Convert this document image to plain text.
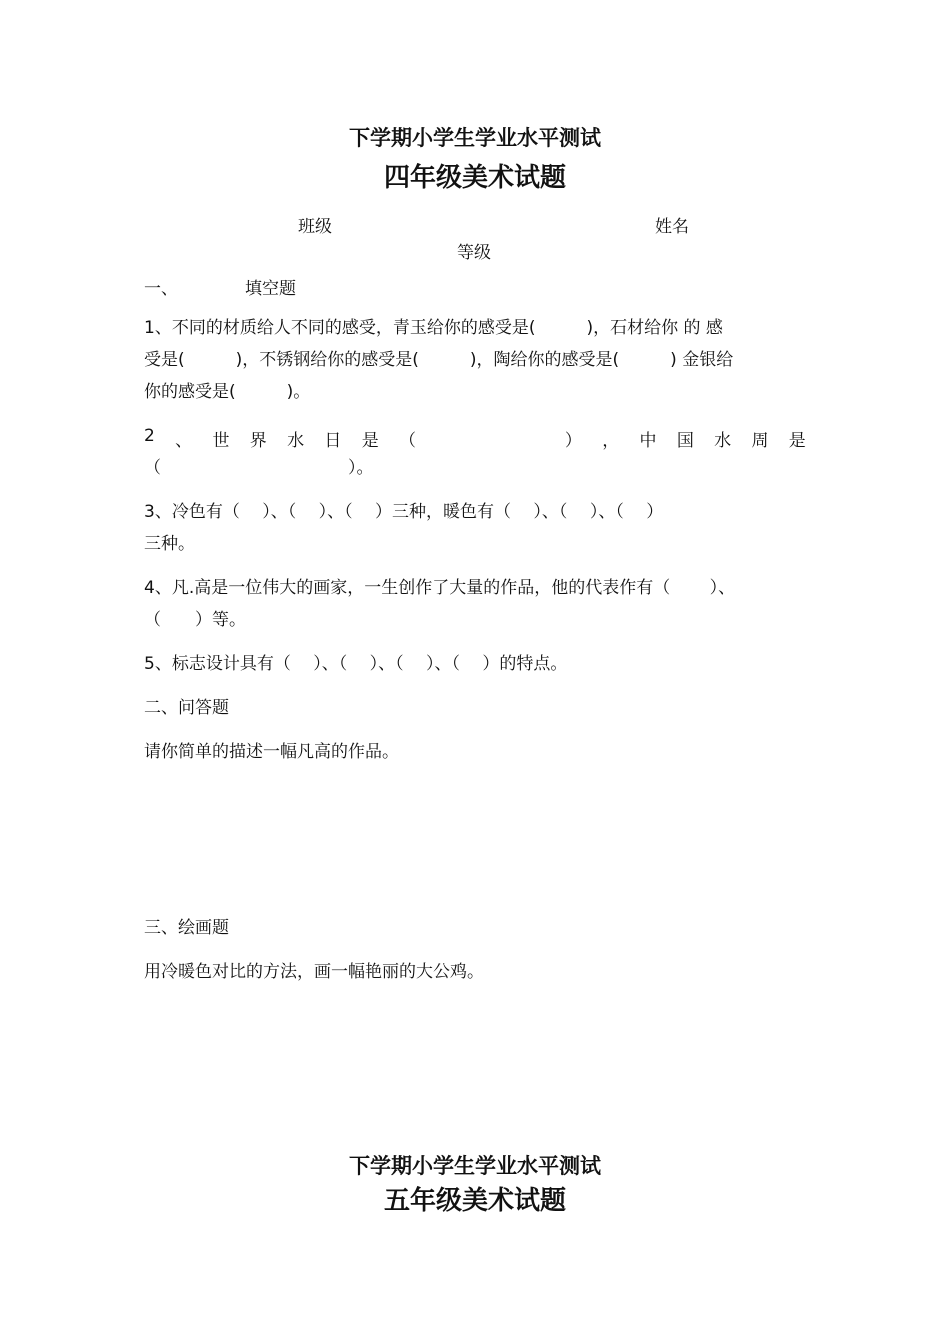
下学期小学生学业水平测试
四年级美术试题
班级	姓名
等级
一、	填空题
1、不同的材质给人不同的感受，青玉给你的感受是(　　　)，石材给你 的 感
受是(　　　)，不锈钢给你的感受是(　　　)，陶给你的感受是(　　　) 金银给
你的感受是(　　　)。
2 、 世 界 水 日 是 （

	） ， 中 国 水 周 是
（　　　　　　　　　　　）。
3、冷色有（　 ）、（　 ）、（　 ）三种，暖色有（　 ）、（　 ）、（　 ）
三种。
4、凡.高是一位伟大的画家，一生创作了大量的作品，他的代表作有（　　 ）、
（　　）等。
5、标志设计具有（　 ）、（　 ）、（　 ）、（　 ）的特点。
二、问答题
请你简单的描述一幅凡高的作品。
三、绘画题
用冷暖色对比的方法，画一幅艳丽的大公鸡。
下学期小学生学业水平测试
五年级美术试题
